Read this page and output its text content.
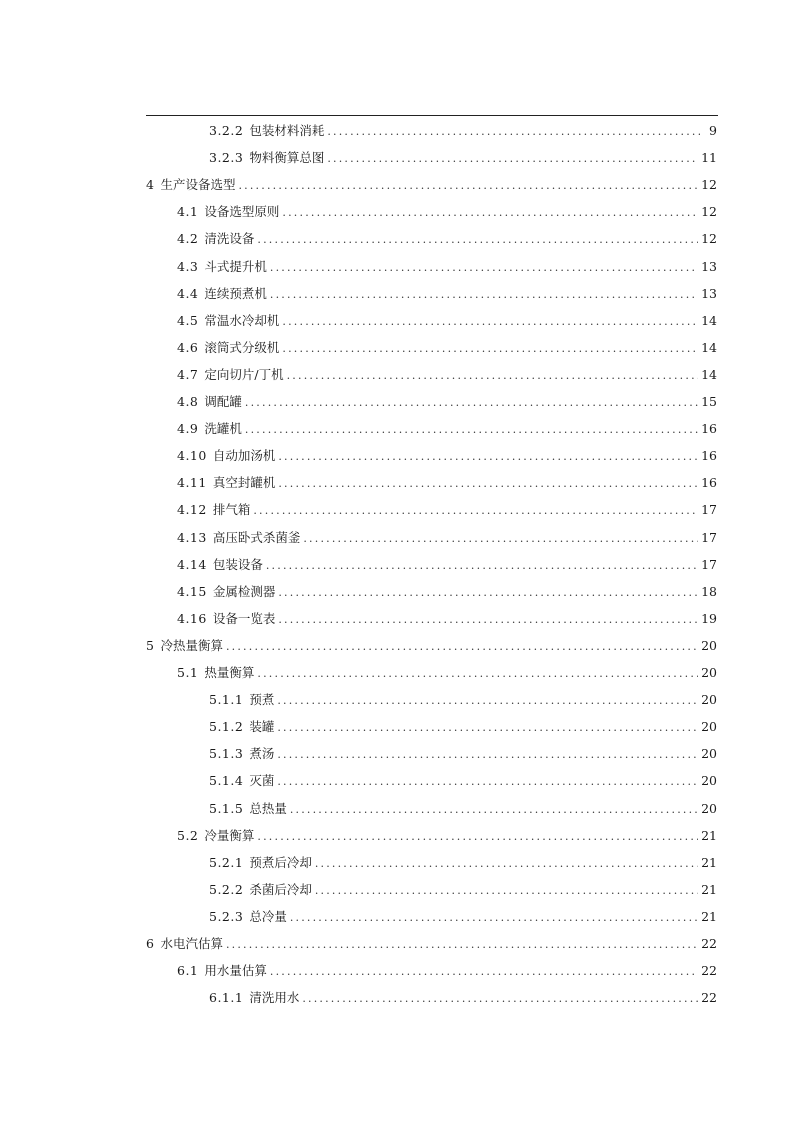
3.2.2 包装材料消耗 .....	9
3.2.3 物料衡算总图 .....	11
4 生产设备选型 .....	12
4.1 设备选型原则 .....	12
4.2 清洗设备 .....	12
4.3 斗式提升机 .....	13
4.4 连续预煮机 .....	13
4.5 常温水冷却机 .....	14
4.6 滚筒式分级机 .....	14
4.7 定向切片/丁机 .....	14
4.8 调配罐 .....	15
4.9 洗罐机 .....	16
4.10 自动加汤机 .....	16
4.11 真空封罐机 .....	16
4.12 排气箱 .....	17
4.13 高压卧式杀菌釜 .....	17
4.14 包装设备 .....	17
4.15 金属检测器 .....	18
4.16 设备一览表 .....	19
5 冷热量衡算 .....	20
5.1 热量衡算 .....	20
5.1.1 预煮 .....	20
5.1.2 装罐 .....	20
5.1.3 煮汤 .....	20
5.1.4 灭菌 .....	20
5.1.5 总热量 .....	20
5.2 冷量衡算 .....	21
5.2.1 预煮后冷却 .....	21
5.2.2 杀菌后冷却 .....	21
5.2.3 总冷量 .....	21
6 水电汽估算 .....	22
6.1 用水量估算 .....	22
6.1.1 清洗用水 .....	22
